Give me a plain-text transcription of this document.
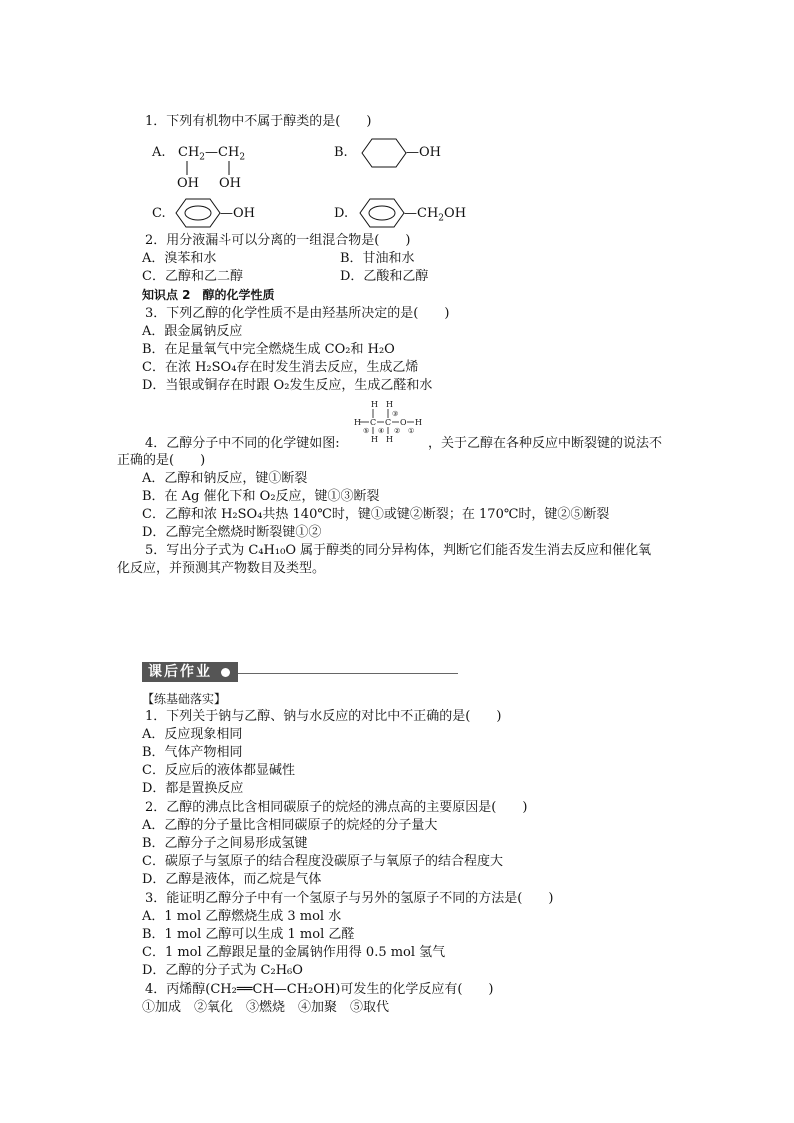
1．下列有机物中不属于醇类的是(　　)
A. $CH_2—CH_2$
OH OH
B.	—OH
C.	—OH	D.	$—CH_2OH$
2．用分液漏斗可以分离的一组混合物是(　　)
A．溴苯和水	B．甘油和水
C．乙醇和乙二醇	D．乙酸和乙醇
知识点 2　醇的化学性质
3．下列乙醇的化学性质不是由羟基所决定的是(　　)
A．跟金属钠反应
B．在足量氧气中完全燃烧生成 CO₂和 H₂O
C．在浓 H₂SO₄存在时发生消去反应，生成乙烯
D．当银或铜存在时跟 O₂发生反应，生成乙醛和水
4．乙醇分子中不同的化学键如图:
H H
③
H C C O H
⑤ ④ ② ①
H H	，关于乙醇在各种反应中断裂键的说法不
正确的是(　　)
A．乙醇和钠反应，键①断裂
B．在 Ag 催化下和 O₂反应，键①③断裂
C．乙醇和浓 H₂SO₄共热 140℃时，键①或键②断裂；在 170℃时，键②⑤断裂
D．乙醇完全燃烧时断裂键①②
5．写出分子式为 C₄H₁₀O 属于醇类的同分异构体，判断它们能否发生消去反应和催化氧
化反应，并预测其产物数目及类型。
课后作业
【练基础落实】
1．下列关于钠与乙醇、钠与水反应的对比中不正确的是(　　)
A．反应现象相同
B．气体产物相同
C．反应后的液体都显碱性
D．都是置换反应
2．乙醇的沸点比含相同碳原子的烷烃的沸点高的主要原因是(　　)
A．乙醇的分子量比含相同碳原子的烷烃的分子量大
B．乙醇分子之间易形成氢键
C．碳原子与氢原子的结合程度没碳原子与氧原子的结合程度大
D．乙醇是液体，而乙烷是气体
3．能证明乙醇分子中有一个氢原子与另外的氢原子不同的方法是(　　)
A．1 mol 乙醇燃烧生成 3 mol 水
B．1 mol 乙醇可以生成 1 mol 乙醛
C．1 mol 乙醇跟足量的金属钠作用得 0.5 mol 氢气
D．乙醇的分子式为 C₂H₆O
4．丙烯醇(CH₂══CH—CH₂OH)可发生的化学反应有(　　)
①加成　②氧化　③燃烧　④加聚　⑤取代
